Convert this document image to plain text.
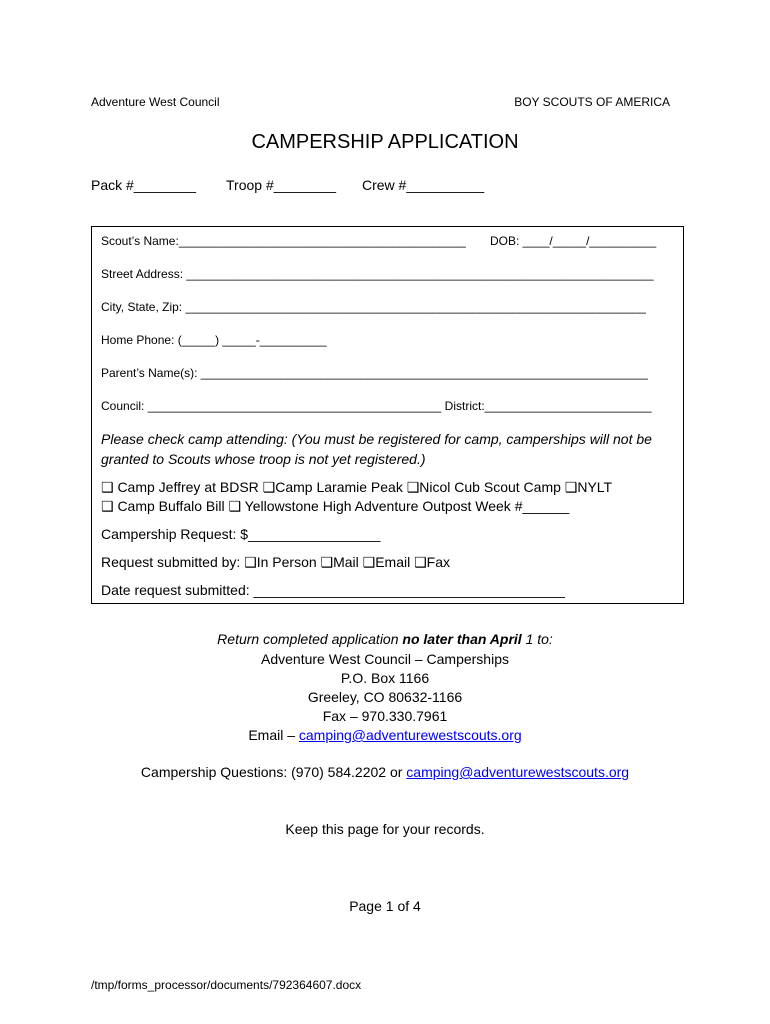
Adventure West Council	BOY SCOUTS OF AMERICA
CAMPERSHIP APPLICATION
Pack #________ Troop #________ Crew #__________
Scout’s Name:___________________________________________ DOB: ____/_____/__________
Street Address: ______________________________________________________________________
City, State, Zip: _____________________________________________________________________
Home Phone: (_____) _____-__________
Parent’s Name(s): ___________________________________________________________________
Council: ____________________________________________ District:_________________________
Please check camp attending: (You must be registered for camp, camperships will not be
granted to Scouts whose troop is not yet registered.)
❑ Camp Jeffrey at BDSR ❑Camp Laramie Peak ❑Nicol Cub Scout Camp ❑NYLT
❑ Camp Buffalo Bill ❑ Yellowstone High Adventure Outpost Week #______
Campership Request: $_________________
Request submitted by: ❑In Person ❑Mail ❑Email ❑Fax
Date request submitted: ________________________________________
Return completed application no later than April 1 to:
Adventure West Council – Camperships
P.O. Box 1166
Greeley, CO 80632-1166
Fax – 970.330.7961
Email – camping@adventurewestscouts.org
Campership Questions: (970) 584.2202 or camping@adventurewestscouts.org
Keep this page for your records.
Page 1 of 4
/tmp/forms_processor/documents/792364607.docx
